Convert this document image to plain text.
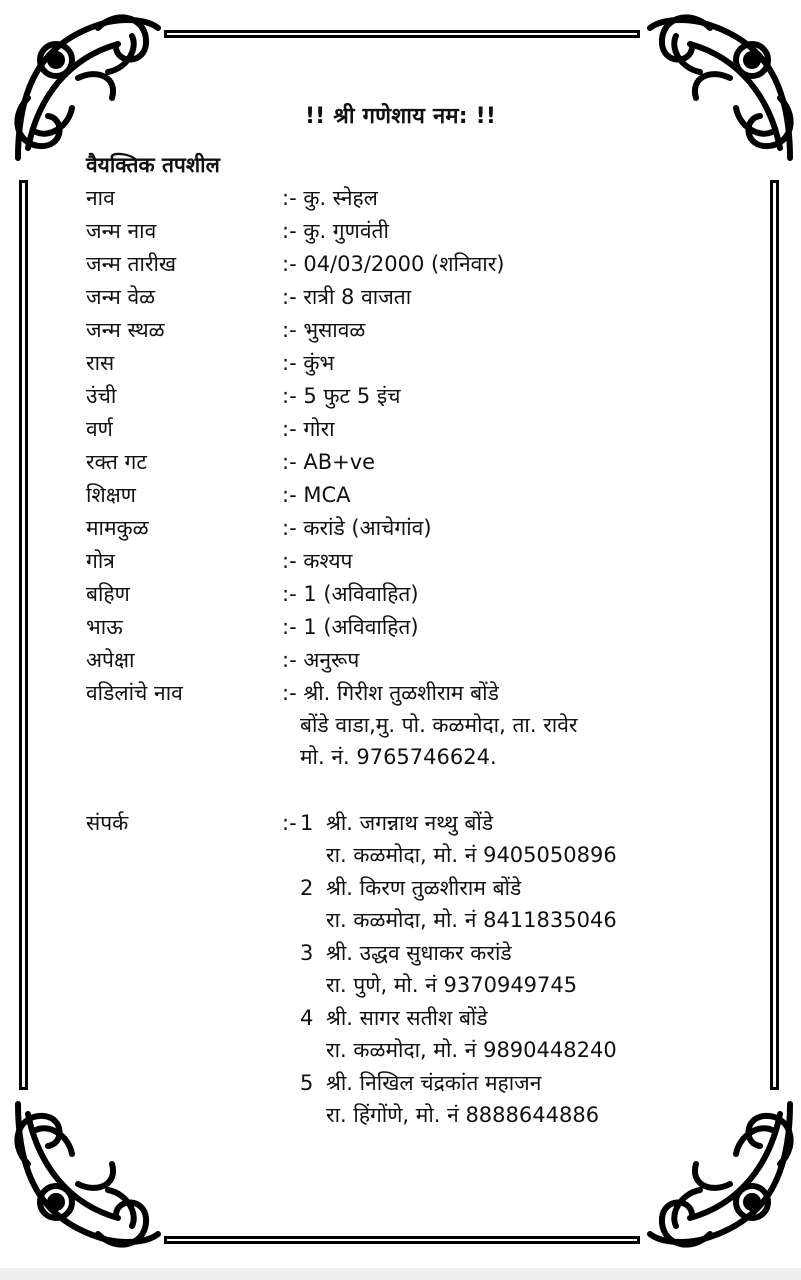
!! श्री गणेशाय नम: !!
वैयक्तिक तपशील
नाव	:- कु. स्नेहल
जन्म नाव	:- कु. गुणवंती
जन्म तारीख	:- 04/03/2000 (शनिवार)
जन्म वेळ	:- रात्री 8 वाजता
जन्म स्थळ	:- भुसावळ
रास	:- कुंभ
उंची	:- 5 फुट 5 इंच
वर्ण	:- गोरा
रक्त गट	:- AB+ve
शिक्षण	:- MCA
मामकुळ	:- करांडे (आचेगांव)
गोत्र	:- कश्यप
बहिण	:- 1 (अविवाहित)
भाऊ	:- 1 (अविवाहित)
अपेक्षा	:- अनुरूप
वडिलांचे नाव	:- श्री. गिरीश तुळशीराम बोंडे
बोंडे वाडा,मु. पो. कळमोदा, ता. रावेर
मो. नं. 9765746624.
संपर्क	:- 1 श्री. जगन्नाथ नथ्थु बोंडे
रा. कळमोदा, मो. नं 9405050896
2 श्री. किरण तुळशीराम बोंडे
रा. कळमोदा, मो. नं 8411835046
3 श्री. उद्धव सुधाकर करांडे
रा. पुणे, मो. नं 9370949745
4 श्री. सागर सतीश बोंडे
रा. कळमोदा, मो. नं 9890448240
5 श्री. निखिल चंद्रकांत महाजन
रा. हिंगोंणे, मो. नं 8888644886
